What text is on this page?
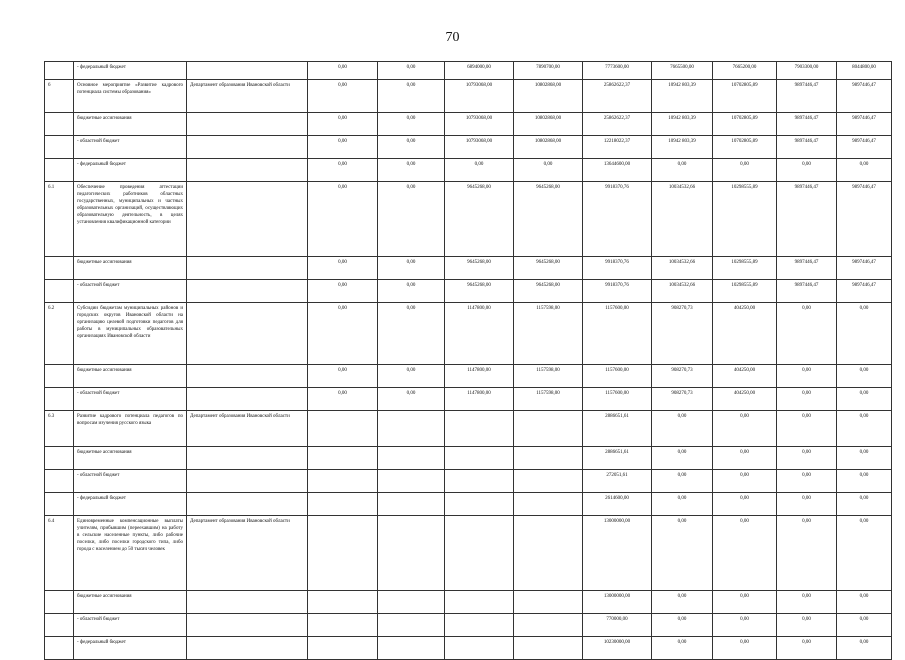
70
	- федеральный бюджет		0,00	0,00	6894000,00	7890700,00	7773600,00	7665500,00	7665200,00	7903300,00	8044800,00
6	Основное мероприятие «Развитие кадрового потенциала системы образования»	Департамент образования Ивановской области	0,00	0,00	10793068,00	10802868,00	25862622,37	10942 803,39	10702805,89	9897446,47	9897446,47
	бюджетные ассигнования		0,00	0,00	10793068,00	10802868,00	25862622,37	10942 803,39	10702805,89	9897446,47	9897446,47
	- областной бюджет		0,00	0,00	10793068,00	10802868,00	12218022,37	10942 803,39	10702805,89	9897446,47	9897446,47
	- федеральный бюджет		0,00	0,00	0,00	0,00	13644600,00	0,00	0,00	0,00	0,00
6.1	Обеспечение проведения аттестации педагогических работников областных государственных, муниципальных и частных образовательных организаций, осуществляющих образовательную деятельность, в целях установления квалификационной категории		0,00	0,00	9645268,00	9645268,00	9918370,76	10034532,66	10298555,89	9897446,47	9897446,47
	бюджетные ассигнования		0,00	0,00	9645268,00	9645268,00	9918370,76	10034532,66	10298555,89	9897446,47	9897446,47
	- областной бюджет		0,00	0,00	9645268,00	9645268,00	9918370,76	10034532,66	10298555,89	9897446,47	9897446,47
6.2	Субсидии бюджетам муниципальных районов и городских округов Ивановской области на организацию целевой подготовки педагогов для работы в муниципальных образовательных организациях Ивановской области		0,00	0,00	1147800,00	1157598,00	1157600,00	908270,73	404250,00	0,00	0,00
	бюджетные ассигнования		0,00	0,00	1147800,00	1157598,00	1157600,00	908270,73	404250,00	0,00	0,00
	- областной бюджет		0,00	0,00	1147800,00	1157598,00	1157600,00	908270,73	404250,00	0,00	0,00
6.3	Развитие кадрового потенциала педагогов по вопросам изучения русского языка	Департамент образования Ивановской области					2886651,61	0,00	0,00	0,00	0,00
	бюджетные ассигнования						2886651,61	0,00	0,00	0,00	0,00
	- областной бюджет						272051,61	0,00	0,00	0,00	0,00
	- федеральный бюджет						2614600,00	0,00	0,00	0,00	0,00
6.4	Единовременные компенсационные выплаты учителям, прибывшим (переехавшим) на работу в сельские населенные пункты, либо рабочие поселки, либо поселки городского типа, либо города с населением до 50 тысяч человек	Департамент образования Ивановской области					13000000,00	0,00	0,00	0,00	0,00
	бюджетные ассигнования						13000000,00	0,00	0,00	0,00	0,00
	- областной бюджет						770000,00	0,00	0,00	0,00	0,00
	- федеральный бюджет						10230000,00	0,00	0,00	0,00	0,00
